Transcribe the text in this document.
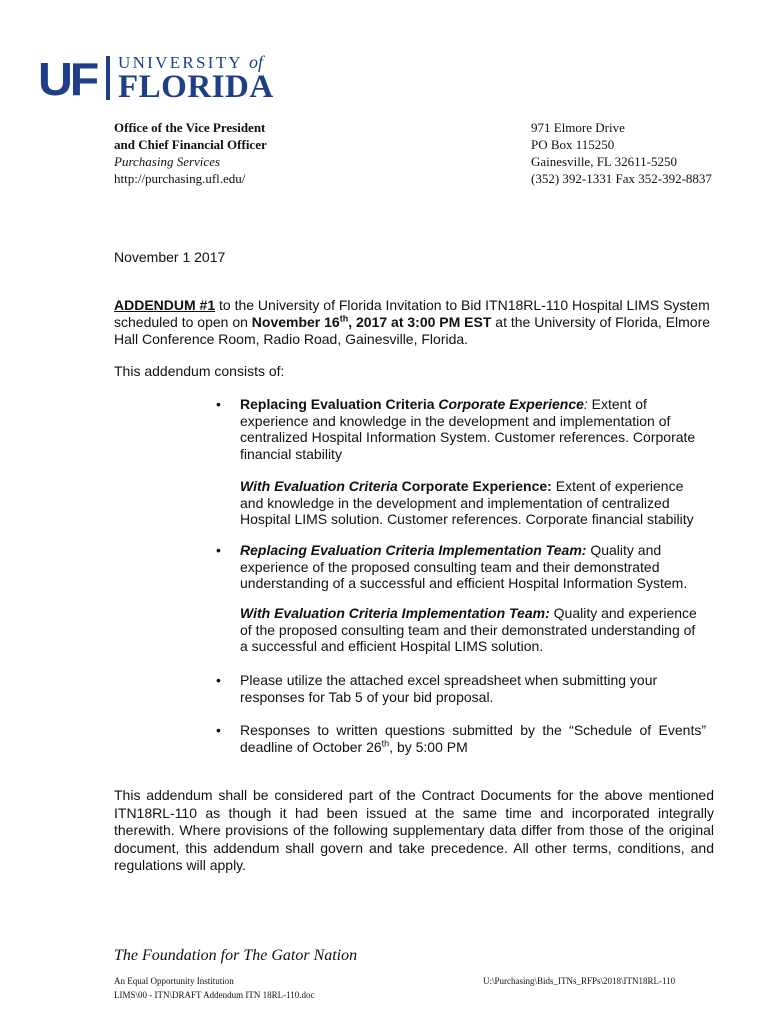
UF UNIVERSITY of
FLORIDA
Office of the Vice President
and Chief Financial Officer
Purchasing Services
http://purchasing.ufl.edu/
971 Elmore Drive
PO Box 115250
Gainesville, FL 32611-5250
(352) 392-1331 Fax 352-392-8837
November 1 2017
ADDENDUM #1 to the University of Florida Invitation to Bid ITN18RL-110 Hospital LIMS System scheduled to open on November 16th, 2017 at 3:00 PM EST at the University of Florida, Elmore Hall Conference Room, Radio Road, Gainesville, Florida.
This addendum consists of:
• Replacing Evaluation Criteria Corporate Experience: Extent of experience and knowledge in the development and implementation of centralized Hospital Information System. Customer references. Corporate financial stability
With Evaluation Criteria Corporate Experience: Extent of experience and knowledge in the development and implementation of centralized Hospital LIMS solution. Customer references. Corporate financial stability
• Replacing Evaluation Criteria Implementation Team: Quality and experience of the proposed consulting team and their demonstrated understanding of a successful and efficient Hospital Information System.
With Evaluation Criteria Implementation Team: Quality and experience of the proposed consulting team and their demonstrated understanding of a successful and efficient Hospital LIMS solution.
• Please utilize the attached excel spreadsheet when submitting your responses for Tab 5 of your bid proposal.
• Responses to written questions submitted by the “Schedule of Events” deadline of October 26th, by 5:00 PM
This addendum shall be considered part of the Contract Documents for the above mentioned ITN18RL-110 as though it had been issued at the same time and incorporated integrally therewith. Where provisions of the following supplementary data differ from those of the original document, this addendum shall govern and take precedence. All other terms, conditions, and regulations will apply.
The Foundation for The Gator Nation
An Equal Opportunity Institution
LIMS\00 - ITN\DRAFT Addendum ITN 18RL-110.doc
U:\Purchasing\Bids_ITNs_RFPs\2018\ITN18RL-110
